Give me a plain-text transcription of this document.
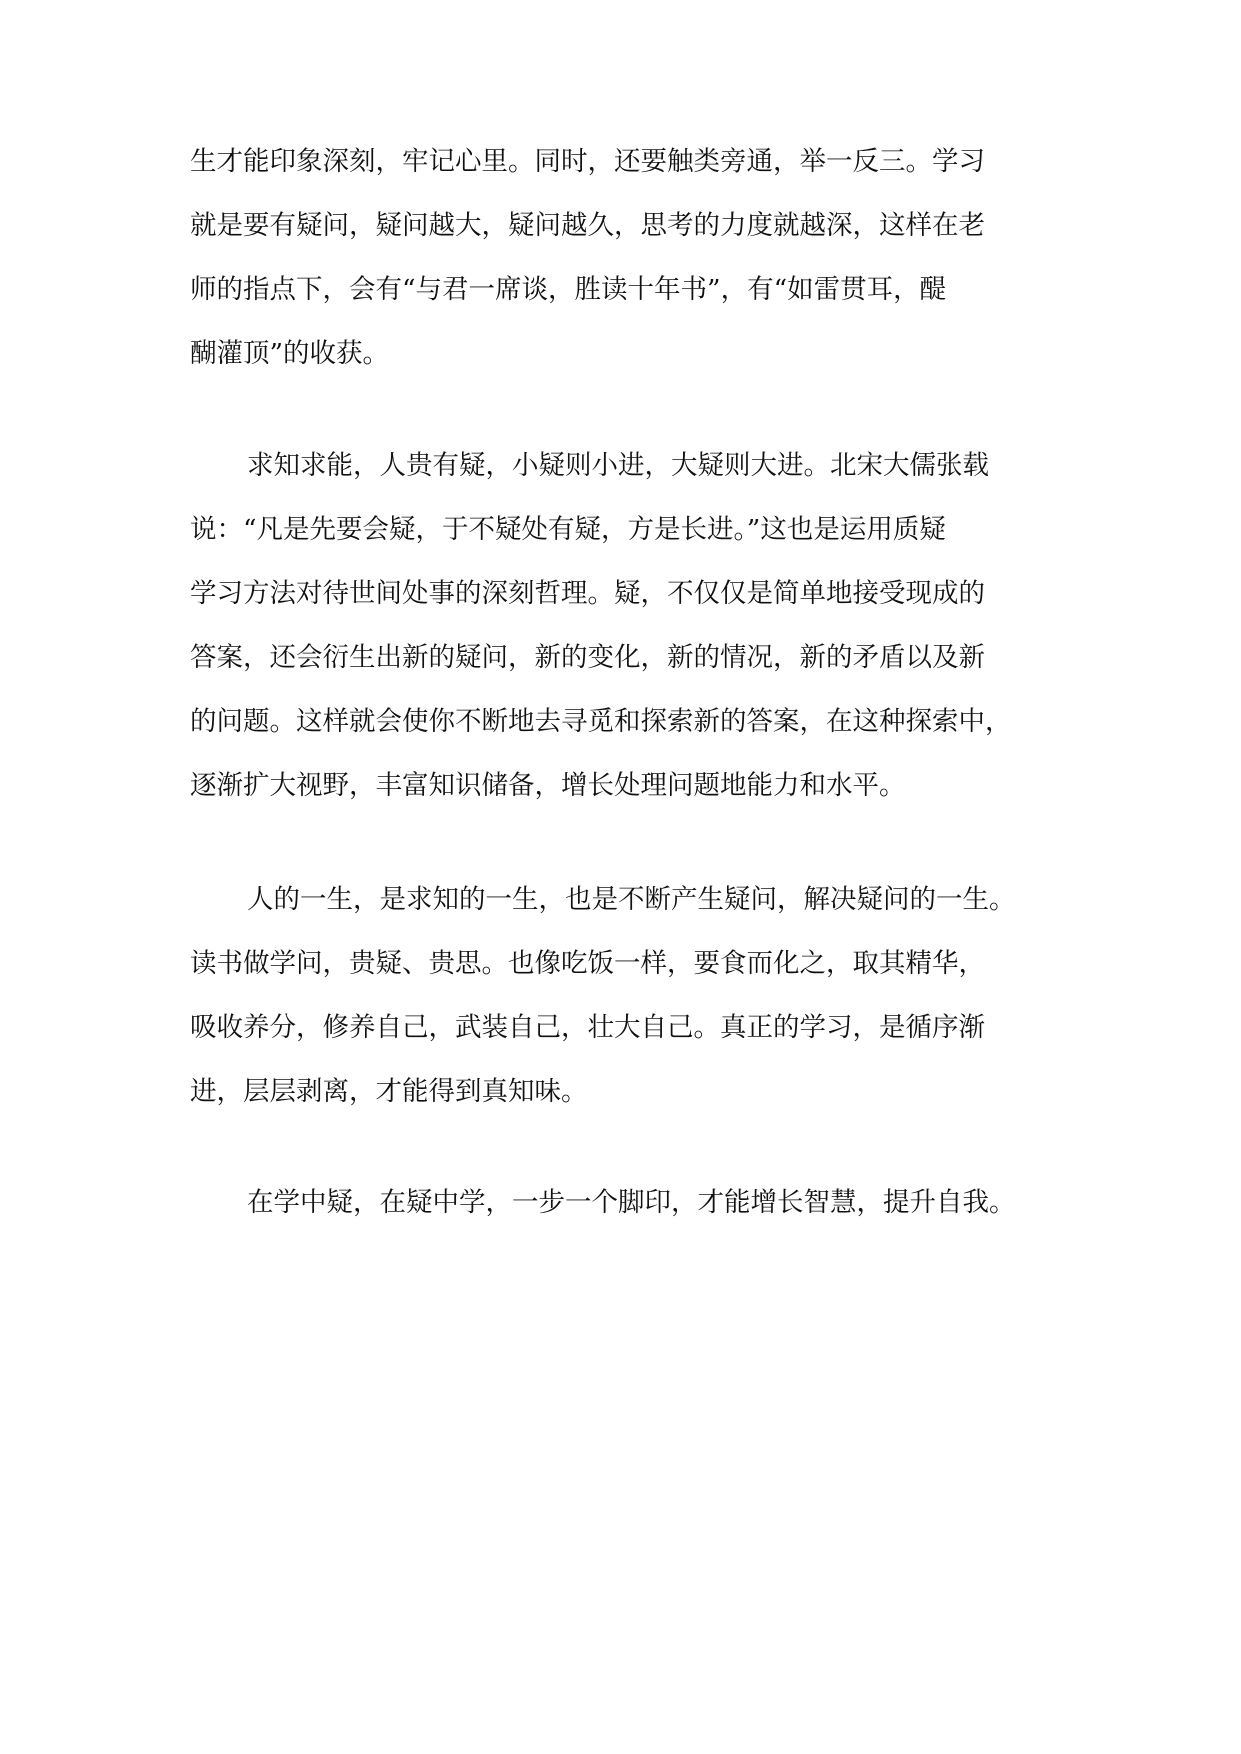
生才能印象深刻，牢记心里。同时，还要触类旁通，举一反三。学习
就是要有疑问，疑问越大，疑问越久，思考的力度就越深，这样在老
师的指点下，会有“与君一席谈，胜读十年书”，有“如雷贯耳，醍
醐灌顶”的收获。
求知求能，人贵有疑，小疑则小进，大疑则大进。北宋大儒张载
说：“凡是先要会疑，于不疑处有疑，方是长进。”这也是运用质疑
学习方法对待世间处事的深刻哲理。疑，不仅仅是简单地接受现成的
答案，还会衍生出新的疑问，新的变化，新的情况，新的矛盾以及新
的问题。这样就会使你不断地去寻觅和探索新的答案，在这种探索中，
逐渐扩大视野，丰富知识储备，增长处理问题地能力和水平。
人的一生，是求知的一生，也是不断产生疑问，解决疑问的一生。
读书做学问，贵疑、贵思。也像吃饭一样，要食而化之，取其精华，
吸收养分，修养自己，武装自己，壮大自己。真正的学习，是循序渐
进，层层剥离，才能得到真知味。
在学中疑，在疑中学，一步一个脚印，才能增长智慧，提升自我。
